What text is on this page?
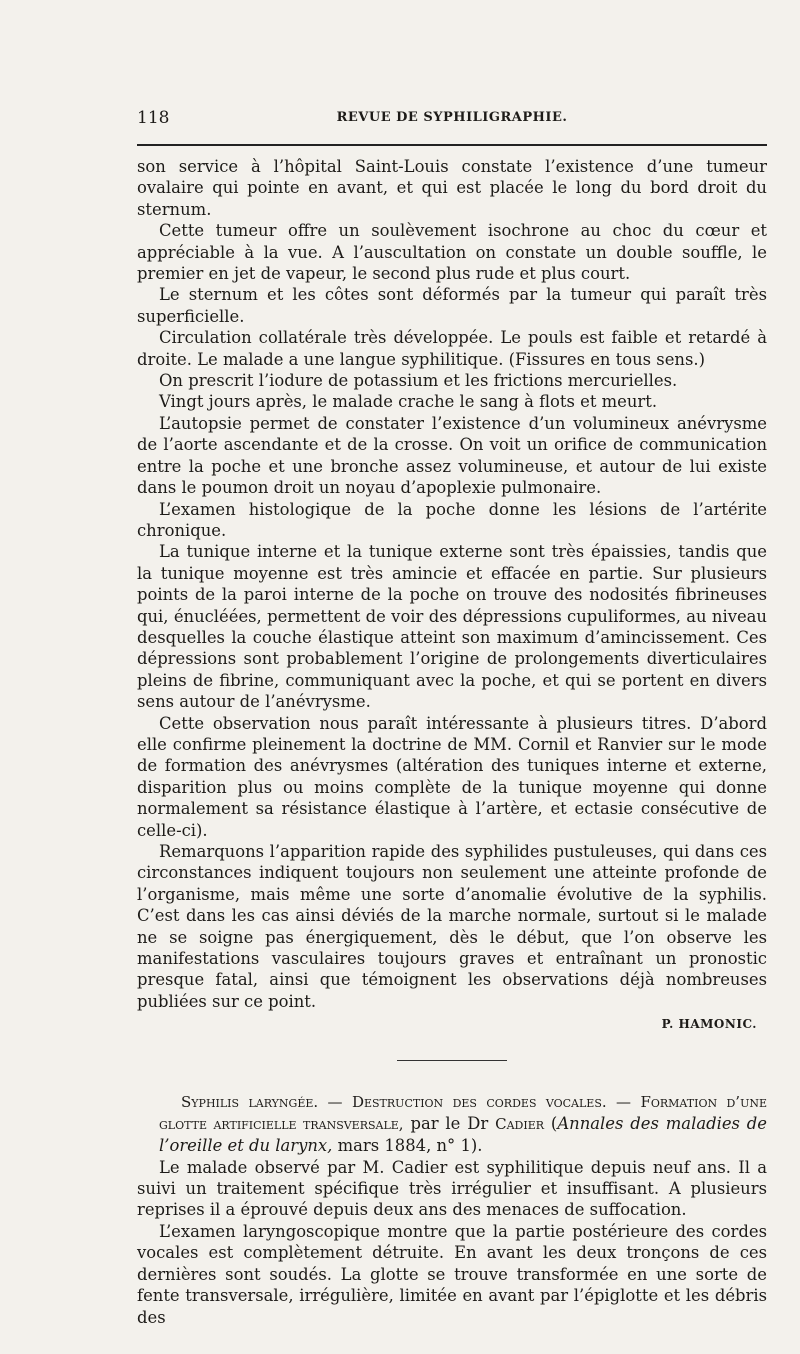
118	REVUE DE SYPHILIGRAPHIE.

son service à l’hôpital Saint-Louis constate l’existence d’une tumeur ovalaire qui pointe en avant, et qui est placée le long du bord droit du sternum.

Cette tumeur offre un soulèvement isochrone au choc du cœur et appréciable à la vue. A l’auscultation on constate un double souffle, le premier en jet de vapeur, le second plus rude et plus court.

Le sternum et les côtes sont déformés par la tumeur qui paraît très superficielle.

Circulation collatérale très développée. Le pouls est faible et retardé à droite. Le malade a une langue syphilitique. (Fissures en tous sens.)

On prescrit l’iodure de potassium et les frictions mercurielles.

Vingt jours après, le malade crache le sang à flots et meurt.

L’autopsie permet de constater l’existence d’un volumineux anévrysme de l’aorte ascendante et de la crosse. On voit un orifice de communication entre la poche et une bronche assez volumineuse, et autour de lui existe dans le poumon droit un noyau d’apoplexie pulmonaire.

L’examen histologique de la poche donne les lésions de l’artérite chronique.

La tunique interne et la tunique externe sont très épaissies, tandis que la tunique moyenne est très amincie et effacée en partie. Sur plusieurs points de la paroi interne de la poche on trouve des nodosités fibrineuses qui, énucléées, permettent de voir des dépressions cupuliformes, au niveau desquelles la couche élastique atteint son maximum d’amincissement. Ces dépressions sont probablement l’origine de prolongements diverticulaires pleins de fibrine, communiquant avec la poche, et qui se portent en divers sens autour de l’anévrysme.

Cette observation nous paraît intéressante à plusieurs titres. D’abord elle confirme pleinement la doctrine de MM. Cornil et Ranvier sur le mode de formation des anévrysmes (altération des tuniques interne et externe, disparition plus ou moins complète de la tunique moyenne qui donne normalement sa résistance élastique à l’artère, et ectasie consécutive de celle-ci).

Remarquons l’apparition rapide des syphilides pustuleuses, qui dans ces circonstances indiquent toujours non seulement une atteinte profonde de l’organisme, mais même une sorte d’anomalie évolutive de la syphilis. C’est dans les cas ainsi déviés de la marche normale, surtout si le malade ne se soigne pas énergiquement, dès le début, que l’on observe les manifestations vasculaires toujours graves et entraînant un pronostic presque fatal, ainsi que témoignent les observations déjà nombreuses publiées sur ce point.

P. HAMONIC.

Syphilis laryngée. — Destruction des cordes vocales. — Formation d’une glotte artificielle transversale, par le Dr Cadier (Annales des maladies de l’oreille et du larynx, mars 1884, n° 1).

Le malade observé par M. Cadier est syphilitique depuis neuf ans. Il a suivi un traitement spécifique très irrégulier et insuffisant. A plusieurs reprises il a éprouvé depuis deux ans des menaces de suffocation.

L’examen laryngoscopique montre que la partie postérieure des cordes vocales est complètement détruite. En avant les deux tronçons de ces dernières sont soudés. La glotte se trouve transformée en une sorte de fente transversale, irrégulière, limitée en avant par l’épiglotte et les débris des
